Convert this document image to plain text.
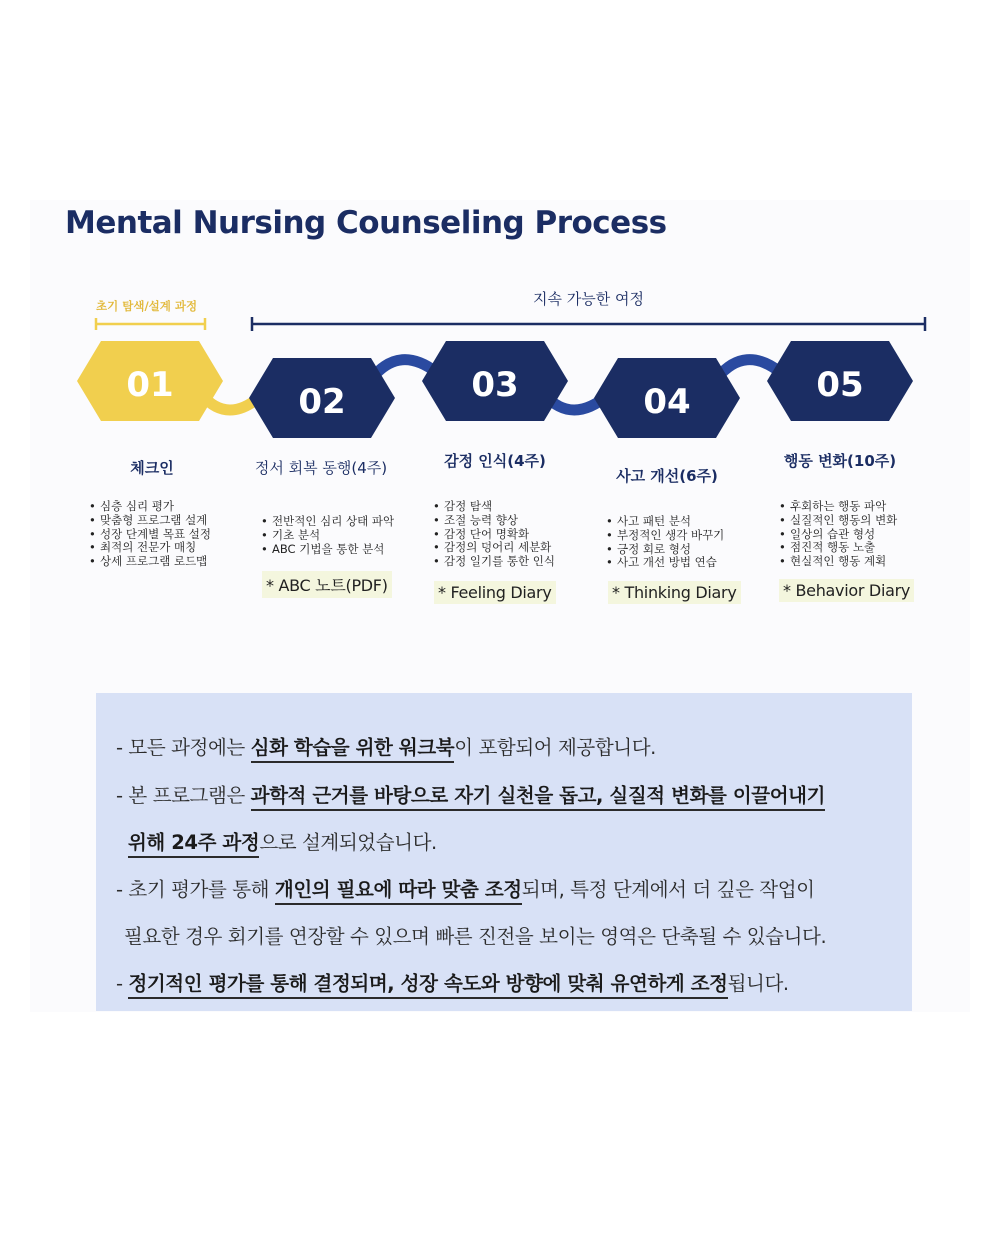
Mental Nursing Counseling Process
초기 탐색/설계 과정	지속 가능한 여정
01	02	03	04	05
체크인	정서 회복 동행(4주)	감정 인식(4주)
사고 개선(6주)
행동 변화(10주)
• 심층 심리 평가
• 맞춤형 프로그램 설계
• 성장 단계별 목표 설정
• 최적의 전문가 매칭
• 상세 프로그램 로드맵
• 전반적인 심리 상태 파악
• 기초 분석
• ABC 기법을 통한 분석
• 감정 탐색
• 조절 능력 향상
• 감정 단어 명확화
• 감정의 덩어리 세분화
• 감정 일기를 통한 인식
• 사고 패턴 분석
• 부정적인 생각 바꾸기
• 긍정 회로 형성
• 사고 개선 방법 연습
• 후회하는 행동 파악
• 실질적인 행동의 변화
• 일상의 습관 형성
• 점진적 행동 노출
• 현실적인 행동 계획
* ABC 노트(PDF)	* Feeling Diary	* Thinking Diary	* Behavior Diary
- 모든 과정에는 심화 학습을 위한 워크북이 포함되어 제공합니다.
- 본 프로그램은 과학적 근거를 바탕으로 자기 실천을 돕고, 실질적 변화를 이끌어내기
위해 24주 과정으로 설계되었습니다.
- 초기 평가를 통해 개인의 필요에 따라 맞춤 조정되며, 특정 단계에서 더 깊은 작업이
필요한 경우 회기를 연장할 수 있으며 빠른 진전을 보이는 영역은 단축될 수 있습니다.
- 정기적인 평가를 통해 결정되며, 성장 속도와 방향에 맞춰 유연하게 조정됩니다.
